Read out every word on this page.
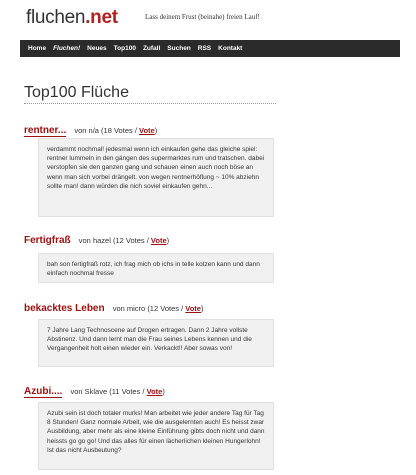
fluchen.net	Lass deinem Frust (beinahe) freien Lauf!
Home Fluchen! Neues Top100 Zufall Suchen RSS Kontakt
Top100 Flüche
rentner... von n/a (18 Votes / Vote)
verdammt nochmal! jedesmal wenn ich einkaufen gehe das gleiche spiel: rentner lummeln in den gängen des supermarktes rum und tratschen. dabei verstopfen sie den ganzen gang und schauen einen auch noch böse an wenn man sich vorbei drängelt. von wegen rentnerhöflung ~ 10% abziehn sollte man! dann würden die nich soviel einkaufen gehn...
Fertigfraß von hazel (12 Votes / Vote)
bah son fertigfraß rotz, ich frag mich ob ichs in telle kotzen kann und dann einfach nochmal fresse
bekacktes Leben von micro (12 Votes / Vote)
7 Jahre Lang Technoscene auf Drogen ertragen. Dann 2 Jahre vollste Abstinenz. Und dann lernt man die Frau seines Lebens kennen und die Vergangenheit holt einen wieder ein. Verkackt!! Aber sowas von!
Azubi.... von Sklave (11 Votes / Vote)
Azubi sein ist doch totaler murks! Man arbeitet wie jeder andere Tag für Tag 8 Stunden! Ganz normale Arbeit, wie die ausgelernten auch! Es heisst zwar Ausbildung, aber mehr als eine kleine Einführung gibts doch nicht und dann heissts go go go! Und das alles für einen lächerlichen kleinen Hungerlohn! Ist das nicht Ausbeutung?
